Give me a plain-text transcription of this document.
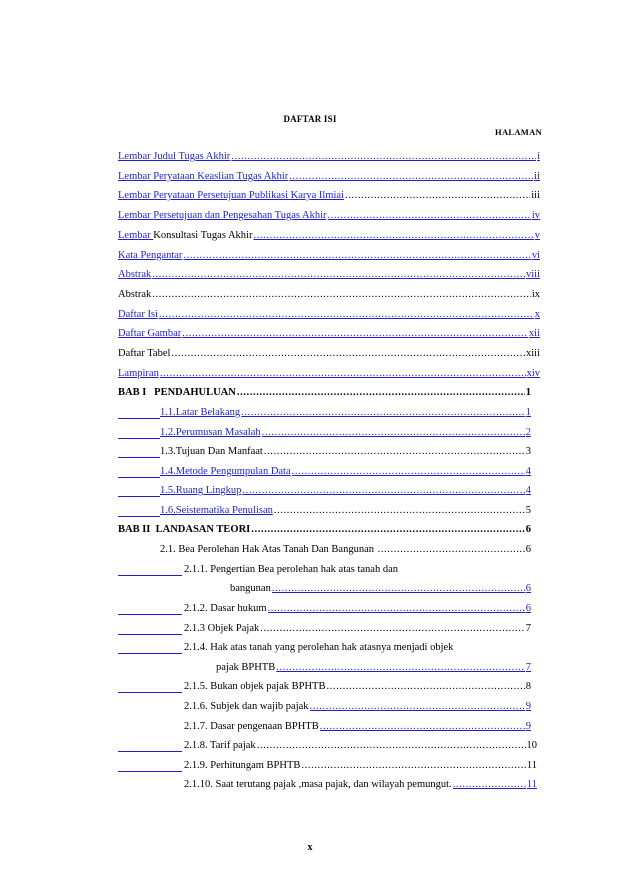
DAFTAR ISI
HALAMAN
Lembar Judul Tugas Akhir .....	i
Lembar Peryataan Keaslian Tugas Akhir .....	ii
Lembar Peryataan Persetujuan Publikasi Karya Ilmiai .....	iii
Lembar Persetujuan dan Pengesahan Tugas Akhir .....	iv
Lembar Konsultasi Tugas Akhir .....	v
Kata Pengantar .....	vi
Abstrak .....	viii
Abstrak .....	ix
Daftar Isi .....	x
Daftar Gambar .....	xii
Daftar Tabel .....	xiii
Lampiran .....	xiv
BAB I   PENDAHULUAN .....	1
1.1.Latar Belakang .....	1
1.2.Perumusan Masalah .....	2
1.3.Tujuan Dan Manfaat .....	3
1.4.Metode Pengumpulan Data .....	4
1.5.Ruang Lingkup .....	4
1.6.Seistematika Penulisan .....	5
BAB II  LANDASAN TEORI .....	6
2.1. Bea Perolehan Hak Atas Tanah Dan Bangunan .....	6
2.1.1. Pengertian Bea perolehan hak atas tanah dan
bangunan .....	6
2.1.2. Dasar hukum .....	6
2.1.3 Objek Pajak .....	7
2.1.4. Hak atas tanah yang perolehan hak atasnya menjadi objek
pajak BPHTB .....	7
2.1.5. Bukan objek pajak BPHTB .....	8
2.1.6. Subjek dan wajib pajak .....	9
2.1.7. Dasar pengenaan BPHTB .....	9
2.1.8. Tarif pajak .....	10
2.1.9. Perhitungam BPHTB .....	11
2.1.10. Saat terutang pajak ,masa pajak, dan wilayah pemungut. .....	11
x
